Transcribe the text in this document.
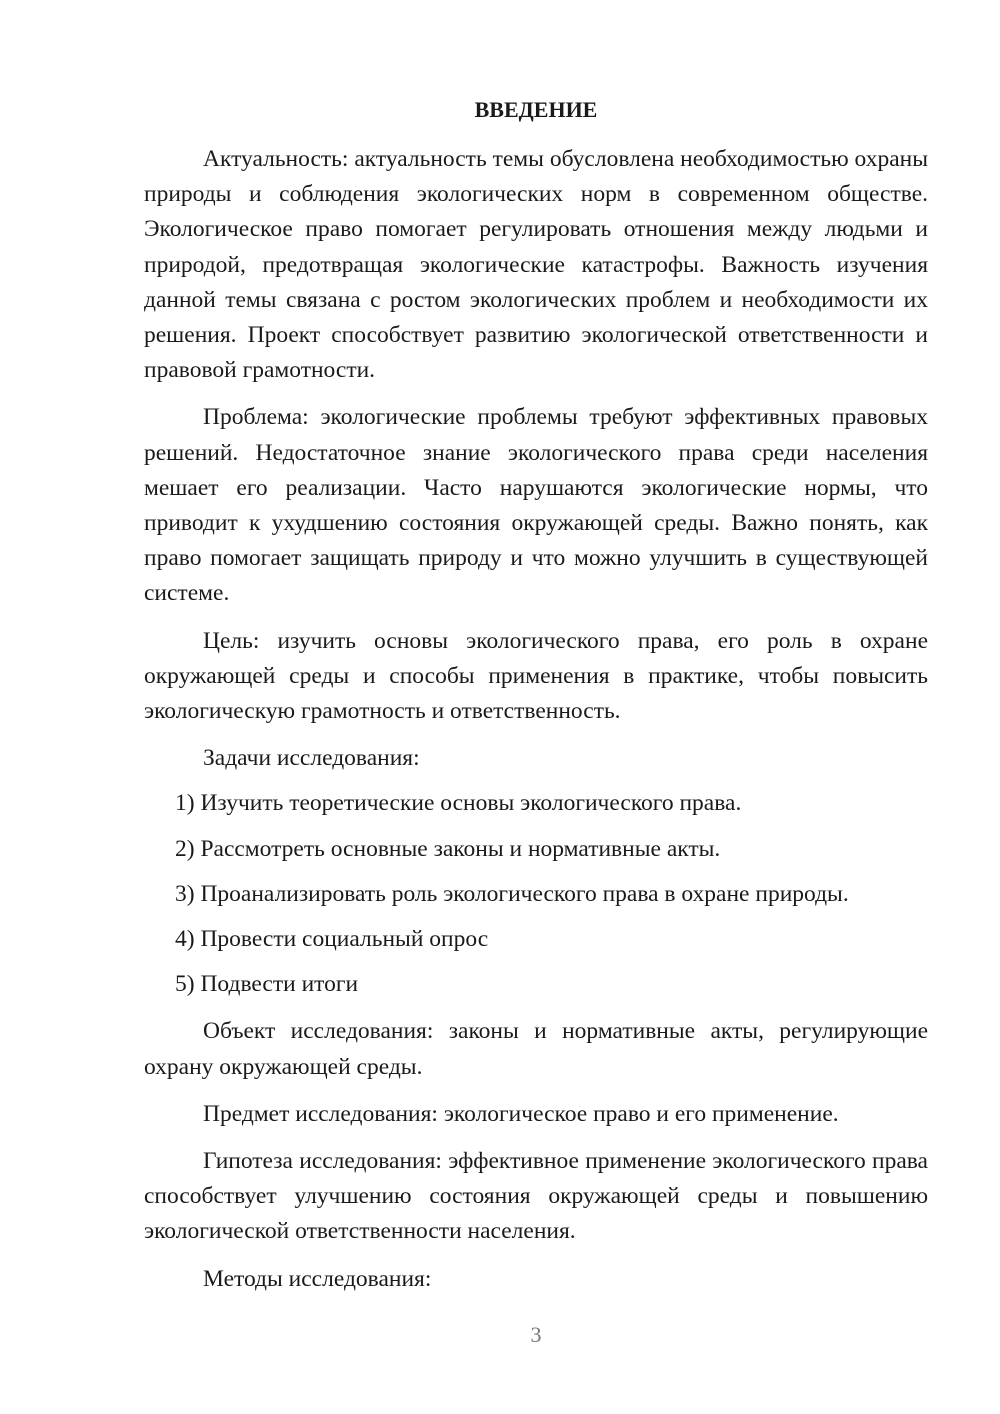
ВВЕДЕНИЕ

Актуальность: актуальность темы обусловлена необходимостью охраны природы и соблюдения экологических норм в современном обществе. Экологическое право помогает регулировать отношения между людьми и природой, предотвращая экологические катастрофы. Важность изучения данной темы связана с ростом экологических проблем и необходимости их решения. Проект способствует развитию экологической ответственности и правовой грамотности.

Проблема: экологические проблемы требуют эффективных правовых решений. Недостаточное знание экологического права среди населения мешает его реализации. Часто нарушаются экологические нормы, что приводит к ухудшению состояния окружающей среды. Важно понять, как право помогает защищать природу и что можно улучшить в существующей системе.

Цель: изучить основы экологического права, его роль в охране окружающей среды и способы применения в практике, чтобы повысить экологическую грамотность и ответственность.

Задачи исследования:

1) Изучить теоретические основы экологического права.
2) Рассмотреть основные законы и нормативные акты.
3) Проанализировать роль экологического права в охране природы.
4) Провести социальный опрос
5) Подвести итоги

Объект исследования: законы и нормативные акты, регулирующие охрану окружающей среды.

Предмет исследования: экологическое право и его применение.

Гипотеза исследования: эффективное применение экологического права способствует улучшению состояния окружающей среды и повышению экологической ответственности населения.

Методы исследования:

3
